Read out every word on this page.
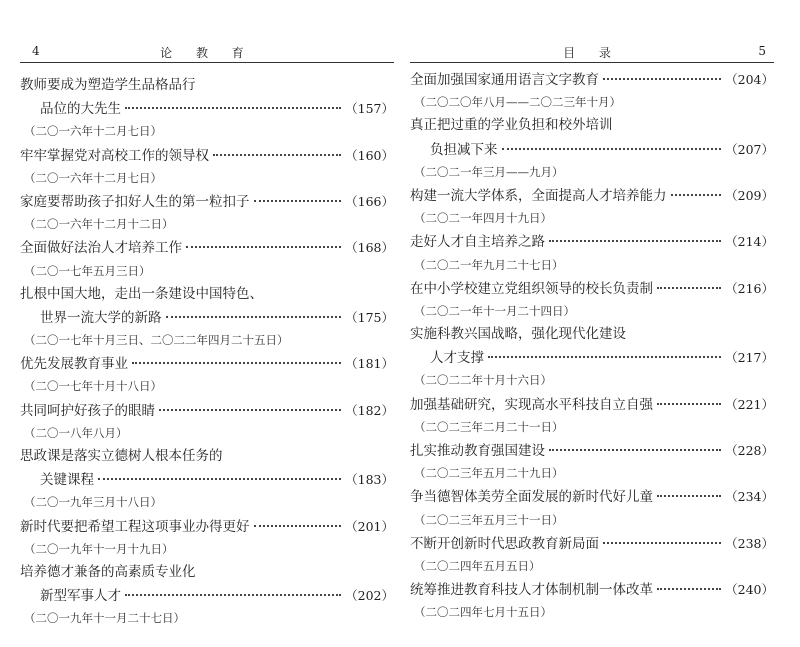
4	论 教 育
教师要成为塑造学生品格品行
品位的大先生	（157）
（二〇一六年十二月七日）
牢牢掌握党对高校工作的领导权	（160）
（二〇一六年十二月七日）
家庭要帮助孩子扣好人生的第一粒扣子	（166）
（二〇一六年十二月十二日）
全面做好法治人才培养工作	（168）
（二〇一七年五月三日）
扎根中国大地，走出一条建设中国特色、
世界一流大学的新路	（175）
（二〇一七年十月三日、二〇二二年四月二十五日）
优先发展教育事业	（181）
（二〇一七年十月十八日）
共同呵护好孩子的眼睛	（182）
（二〇一八年八月）
思政课是落实立德树人根本任务的
关键课程	（183）
（二〇一九年三月十八日）
新时代要把希望工程这项事业办得更好	（201）
（二〇一九年十一月十九日）
培养德才兼备的高素质专业化
新型军事人才	（202）
（二〇一九年十一月二十七日）
目 录	5
全面加强国家通用语言文字教育	（204）
（二〇二〇年八月——二〇二三年十月）
真正把过重的学业负担和校外培训
负担减下来	（207）
（二〇二一年三月——九月）
构建一流大学体系，全面提高人才培养能力	（209）
（二〇二一年四月十九日）
走好人才自主培养之路	（214）
（二〇二一年九月二十七日）
在中小学校建立党组织领导的校长负责制	（216）
（二〇二一年十一月二十四日）
实施科教兴国战略，强化现代化建设
人才支撑	（217）
（二〇二二年十月十六日）
加强基础研究，实现高水平科技自立自强	（221）
（二〇二三年二月二十一日）
扎实推动教育强国建设	（228）
（二〇二三年五月二十九日）
争当德智体美劳全面发展的新时代好儿童	（234）
（二〇二三年五月三十一日）
不断开创新时代思政教育新局面	（238）
（二〇二四年五月五日）
统筹推进教育科技人才体制机制一体改革	（240）
（二〇二四年七月十五日）
